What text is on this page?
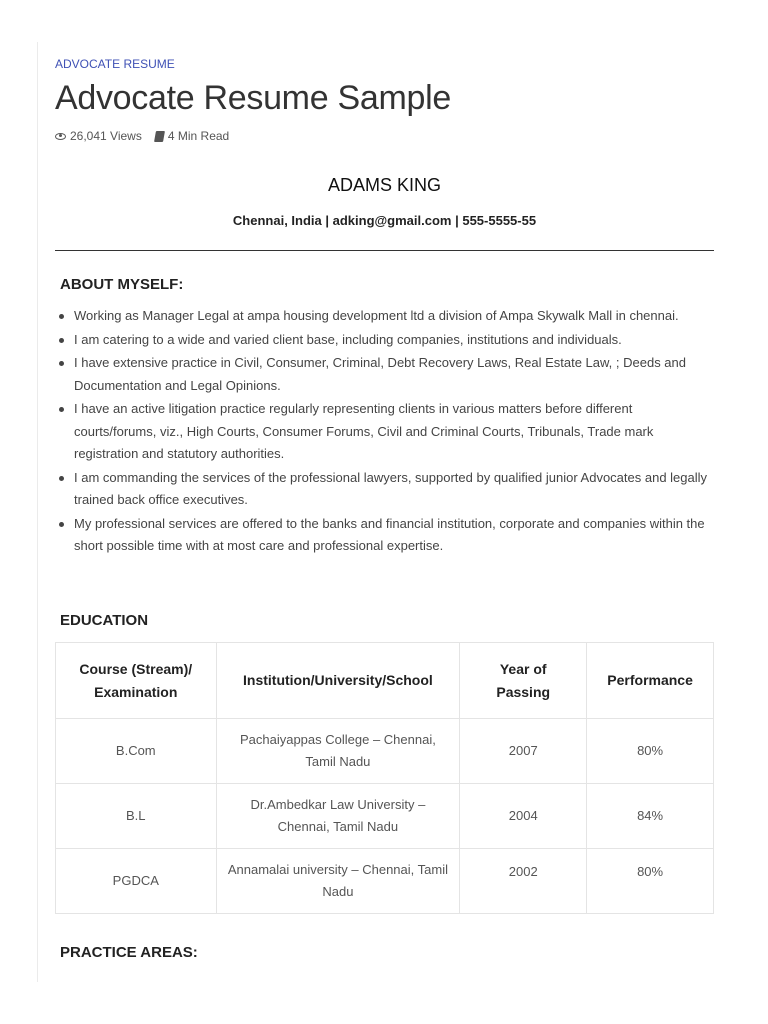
ADVOCATE RESUME
Advocate Resume Sample
26,041 Views 4 Min Read
ADAMS KING
Chennai, India | adking@gmail.com | 555-5555-55
ABOUT MYSELF:
Working as Manager Legal at ampa housing development ltd a division of Ampa Skywalk Mall in chennai.
I am catering to a wide and varied client base, including companies, institutions and individuals.
I have extensive practice in Civil, Consumer, Criminal, Debt Recovery Laws, Real Estate Law, ; Deeds and Documentation and Legal Opinions.
I have an active litigation practice regularly representing clients in various matters before different courts/forums, viz., High Courts, Consumer Forums, Civil and Criminal Courts, Tribunals, Trade mark registration and statutory authorities.
I am commanding the services of the professional lawyers, supported by qualified junior Advocates and legally trained back office executives.
My professional services are offered to the banks and financial institution, corporate and companies within the short possible time with at most care and professional expertise.
EDUCATION
Course (Stream)/ Examination	Institution/University/School	Year of Passing	Performance
B.Com	Pachaiyappas College – Chennai, Tamil Nadu	2007	80%
B.L	Dr.Ambedkar Law University – Chennai, Tamil Nadu	2004	84%
PGDCA	Annamalai university – Chennai, Tamil Nadu	2002	80%
PRACTICE AREAS:
